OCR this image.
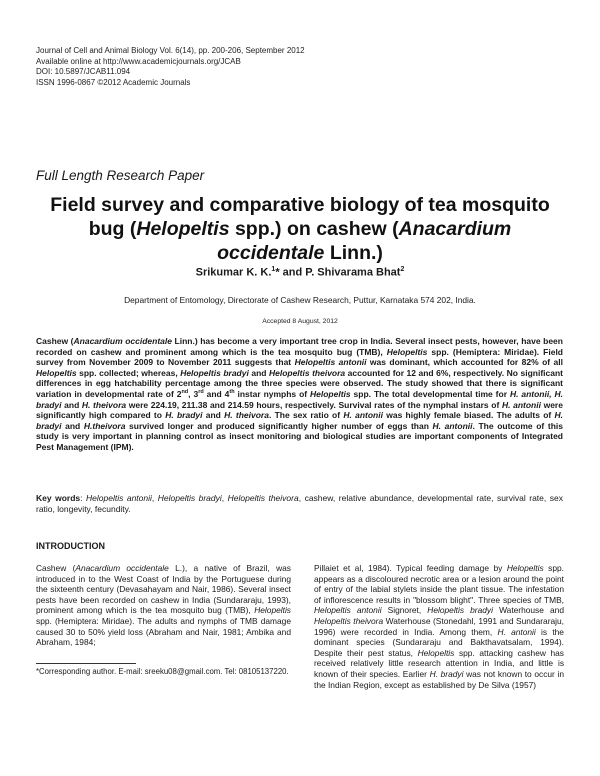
Journal of Cell and Animal Biology Vol. 6(14), pp. 200-206, September 2012
Available online at http://www.academicjournals.org/JCAB
DOI: 10.5897/JCAB11.094
ISSN 1996-0867 ©2012 Academic Journals
Full Length Research Paper
Field survey and comparative biology of tea mosquito bug (Helopeltis spp.) on cashew (Anacardium occidentale Linn.)
Srikumar K. K.$^1$* and P. Shivarama Bhat$^2$
Department of Entomology, Directorate of Cashew Research, Puttur, Karnataka 574 202, India.
Accepted 8 August, 2012

Cashew (Anacardium occidentale Linn.) has become a very important tree crop in India. Several insect pests, however, have been recorded on cashew and prominent among which is the tea mosquito bug (TMB), Helopeltis spp. (Hemiptera: Miridae). Field survey from November 2009 to November 2011 suggests that Helopeltis antonii was dominant, which accounted for 82% of all Helopeltis spp. collected; whereas, Helopeltis bradyi and Helopeltis theivora accounted for 12 and 6%, respectively. No significant differences in egg hatchability percentage among the three species were observed. The study showed that there is significant variation in developmental rate of 2nd, 3rd and 4th instar nymphs of Helopeltis spp. The total developmental time for H. antonii, H. bradyi and H. theivora were 224.19, 211.38 and 214.59 hours, respectively. Survival rates of the nymphal instars of H. antonii were significantly high compared to H. bradyi and H. theivora. The sex ratio of H. antonii was highly female biased. The adults of H. bradyi and H.theivora survived longer and produced significantly higher number of eggs than H. antonii. The outcome of this study is very important in planning control as insect monitoring and biological studies are important components of Integrated Pest Management (IPM).

Key words: Helopeltis antonii, Helopeltis bradyi, Helopeltis theivora, cashew, relative abundance, developmental rate, survival rate, sex ratio, longevity, fecundity.
INTRODUCTION

Cashew (Anacardium occidentale L.), a native of Brazil, was introduced in to the West Coast of India by the Portuguese during the sixteenth century (Devasahayam and Nair, 1986). Several insect pests have been recorded on cashew in India (Sundararaju, 1993), prominent among which is the tea mosquito bug (TMB), Helopeltis spp. (Hemiptera: Miridae). The adults and nymphs of TMB damage caused 30 to 50% yield loss (Abraham and Nair, 1981; Ambika and Abraham, 1984;

*Corresponding author. E-mail: sreeku08@gmail.com. Tel: 08105137220.

Pillaiet et al, 1984). Typical feeding damage by Helopeltis spp. appears as a discoloured necrotic area or a lesion around the point of entry of the labial stylets inside the plant tissue. The infestation of inflorescence results in "blossom blight". Three species of TMB, Helopeltis antonii Signoret, Helopeltis bradyi Waterhouse and Helopeltis theivora Waterhouse (Stonedahl, 1991 and Sundararaju, 1996) were recorded in India. Among them, H. antonii is the dominant species (Sundararaju and Bakthavatsalam, 1994). Despite their pest status, Helopeltis spp. attacking cashew has received relatively little research attention in India, and little is known of their species. Earlier H. bradyi was not known to occur in the Indian Region, except as established by De Silva (1957)
